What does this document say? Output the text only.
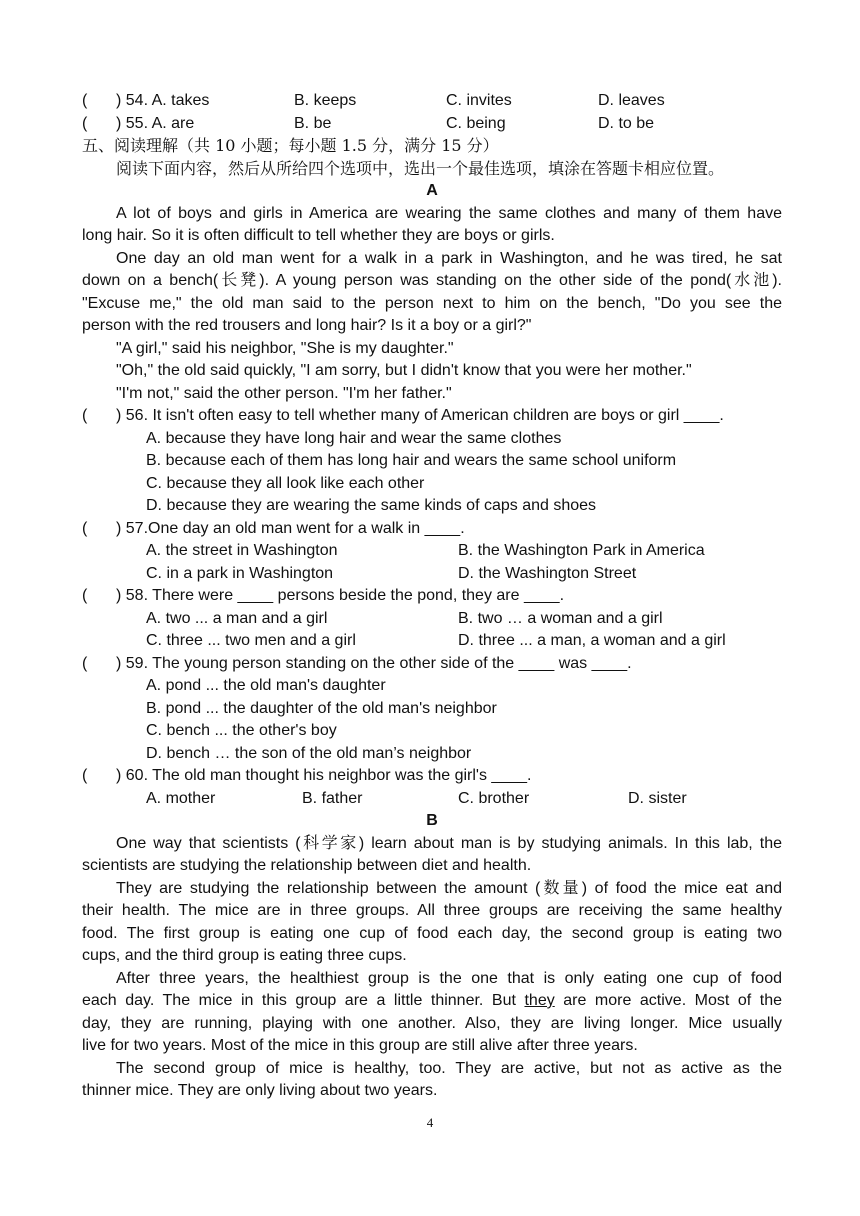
(	) 54. A. takes	B. keeps	C. invites	D. leaves
(	) 55. A. are	B. be	C. being	D. to be
五、阅读理解（共 10 小题；每小题 1.5 分，满分 15 分）
阅读下面内容，然后从所给四个选项中，选出一个最佳选项，填涂在答题卡相应位置。
A
A lot of boys and girls in America are wearing the same clothes and many of them have
long hair. So it is often difficult to tell whether they are boys or girls.
One day an old man went for a walk in a park in Washington, and he was tired, he sat
down on a bench(长凳). A young person was standing on the other side of the pond(水池).
"Excuse me," the old man said to the person next to him on the bench, "Do you see the
person with the red trousers and long hair? Is it a boy or a girl?"
"A girl," said his neighbor, "She is my daughter."
"Oh," the old said quickly, "I am sorry, but I didn't know that you were her mother."
"I'm not," said the other person. "I'm her father."
(	) 56. It isn't often easy to tell whether many of American children are boys or girl ____.
A. because they have long hair and wear the same clothes
B. because each of them has long hair and wears the same school uniform
C. because they all look like each other
D. because they are wearing the same kinds of caps and shoes
(	) 57.One day an old man went for a walk in ____.
A. the street in Washington	B. the Washington Park in America
C. in a park in Washington	D. the Washington Street
(	) 58. There were ____ persons beside the pond, they are ____.
A. two ... a man and a girl	B. two … a woman and a girl
C. three ... two men and a girl	D. three ... a man, a woman and a girl
(	) 59. The young person standing on the other side of the ____ was ____.
A. pond ... the old man's daughter
B. pond ... the daughter of the old man's neighbor
C. bench ... the other's boy
D. bench … the son of the old man’s neighbor
(	) 60. The old man thought his neighbor was the girl's ____.
A. mother	B. father	C. brother	D. sister
B
One way that scientists (科学家) learn about man is by studying animals. In this lab, the
scientists are studying the relationship between diet and health.
They are studying the relationship between the amount (数量) of food the mice eat and
their health. The mice are in three groups. All three groups are receiving the same healthy
food. The first group is eating one cup of food each day, the second group is eating two
cups, and the third group is eating three cups.
After three years, the healthiest group is the one that is only eating one cup of food
each day. The mice in this group are a little thinner. But they are more active. Most of the
day, they are running, playing with one another. Also, they are living longer. Mice usually
live for two years. Most of the mice in this group are still alive after three years.
The second group of mice is healthy, too. They are active, but not as active as the
thinner mice. They are only living about two years.
4
